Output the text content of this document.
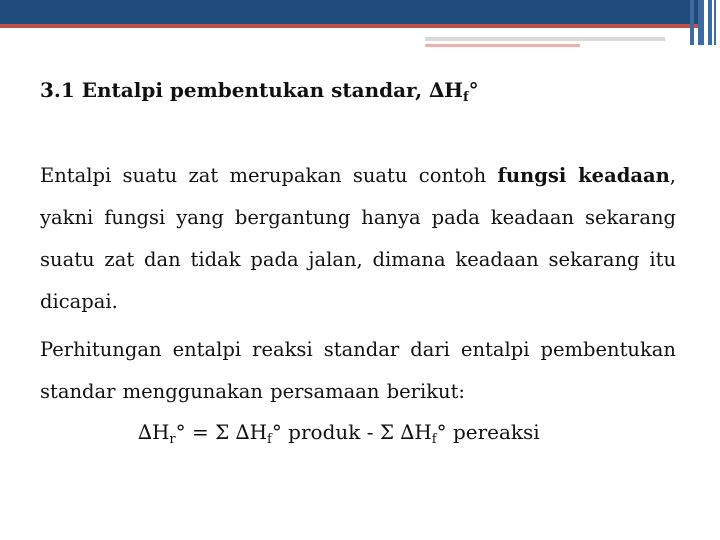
3.1 Entalpi pembentukan standar, $\Delta H_f^\circ$

Entalpi suatu zat merupakan suatu contoh fungsi keadaan, yakni fungsi yang bergantung hanya pada keadaan sekarang suatu zat dan tidak pada jalan, dimana keadaan sekarang itu dicapai.

Perhitungan entalpi reaksi standar dari entalpi pembentukan standar menggunakan persamaan berikut:

$\Delta H_r^\circ = \Sigma$ $\Delta H_f^\circ$ produk - Σ $\Delta H_f^\circ$ pereaksi
